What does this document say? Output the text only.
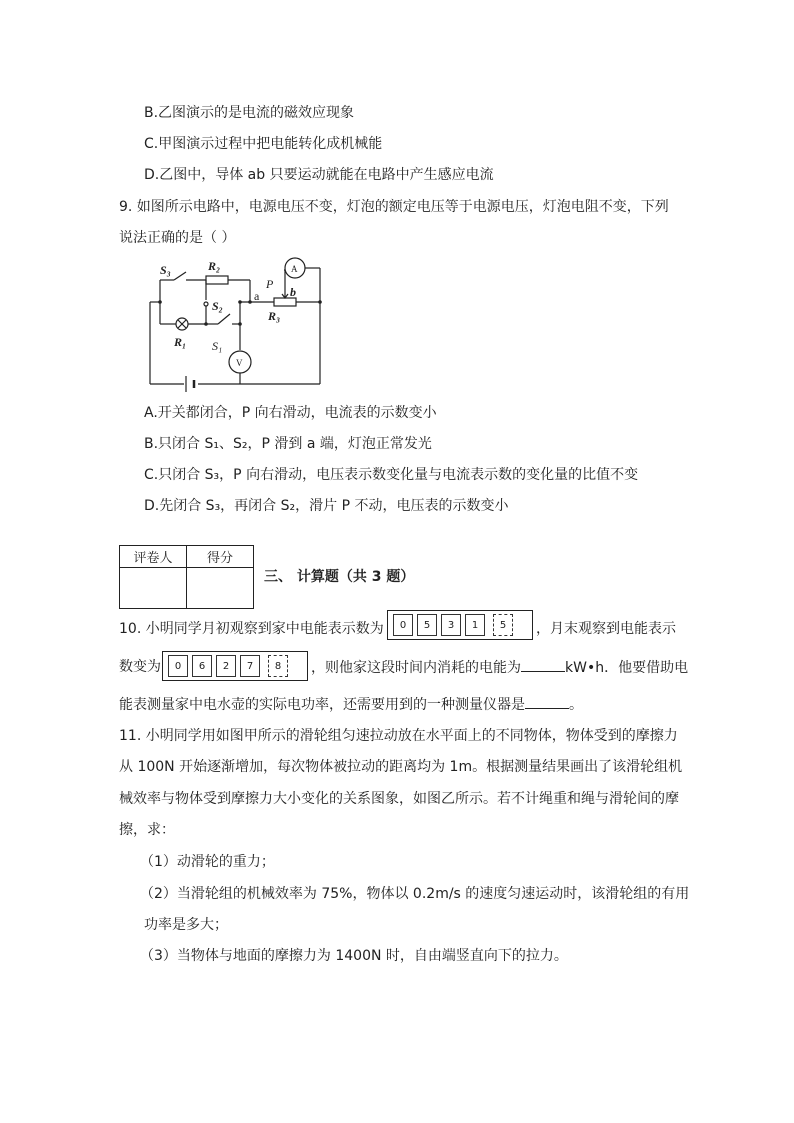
B.乙图演示的是电流的磁效应现象
C.甲图演示过程中把电能转化成机械能
D.乙图中，导体 ab 只要运动就能在电路中产生感应电流
9. 如图所示电路中，电源电压不变，灯泡的额定电压等于电源电压，灯泡电阻不变，下列
说法正确的是（ ）
S₃	R₂
S₂
R₁ S₁
a
P
b
R₃
A
V
A.开关都闭合，P 向右滑动，电流表的示数变小
B.只闭合 S₁、S₂，P 滑到 a 端，灯泡正常发光
C.只闭合 S₃，P 向右滑动，电压表示数变化量与电流表示数的变化量的比值不变
D.先闭合 S₃，再闭合 S₂，滑片 P 不动，电压表的示数变小
评卷人	得分

三、 计算题（共 3 题）
10. 小明同学月初观察到家中电能表示数为	0	5	3	1	5	，月末观察到电能表示
数变为	0	6	2	7	8	，则他家这段时间内消耗的电能为	kW•h．他要借助电
能表测量家中电水壶的实际电功率，还需要用到的一种测量仪器是	。
11. 小明同学用如图甲所示的滑轮组匀速拉动放在水平面上的不同物体，物体受到的摩擦力
从 100N 开始逐渐增加，每次物体被拉动的距离均为 1m。根据测量结果画出了该滑轮组机
械效率与物体受到摩擦力大小变化的关系图象，如图乙所示。若不计绳重和绳与滑轮间的摩
擦，求：
（1）动滑轮的重力；
（2）当滑轮组的机械效率为 75%，物体以 0.2m/s 的速度匀速运动时，该滑轮组的有用
功率是多大；
（3）当物体与地面的摩擦力为 1400N 时，自由端竖直向下的拉力。
